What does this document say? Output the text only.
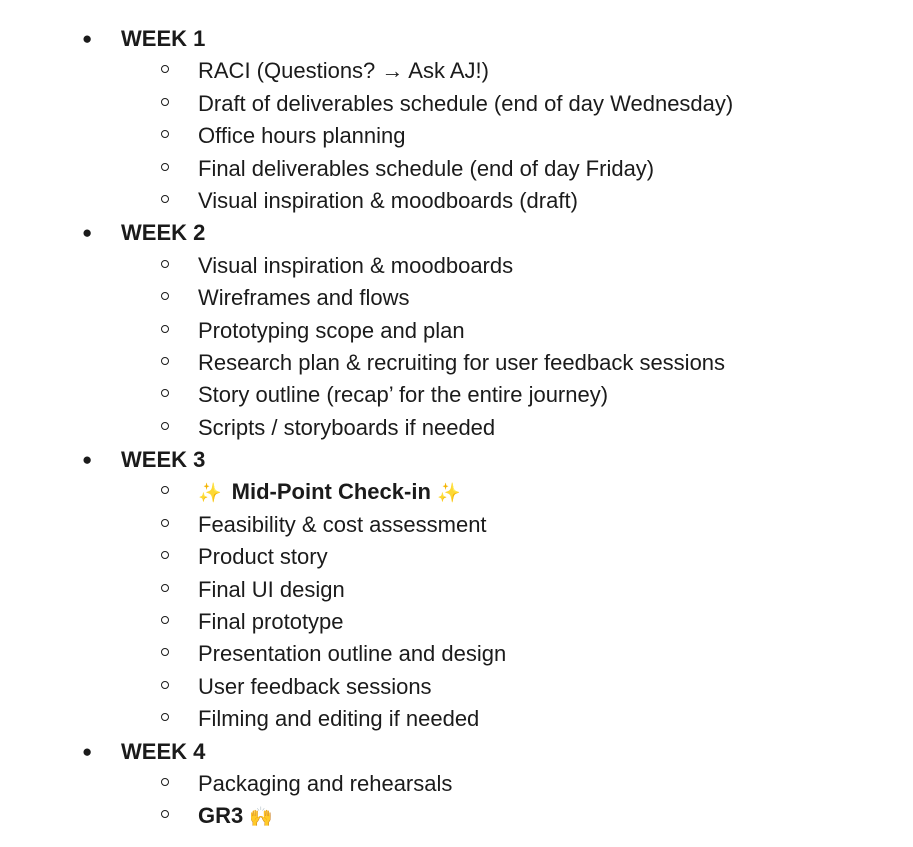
● WEEK 1
RACI (Questions? → Ask AJ!)
Draft of deliverables schedule (end of day Wednesday)
Office hours planning
Final deliverables schedule (end of day Friday)
Visual inspiration & moodboards (draft)
● WEEK 2
Visual inspiration & moodboards
Wireframes and flows
Prototyping scope and plan
Research plan & recruiting for user feedback sessions
Story outline (recap’ for the entire journey)
Scripts / storyboards if needed
● WEEK 3
✨ Mid-Point Check-in ✨
Feasibility & cost assessment
Product story
Final UI design
Final prototype
Presentation outline and design
User feedback sessions
Filming and editing if needed
● WEEK 4
Packaging and rehearsals
GR3 🙌
